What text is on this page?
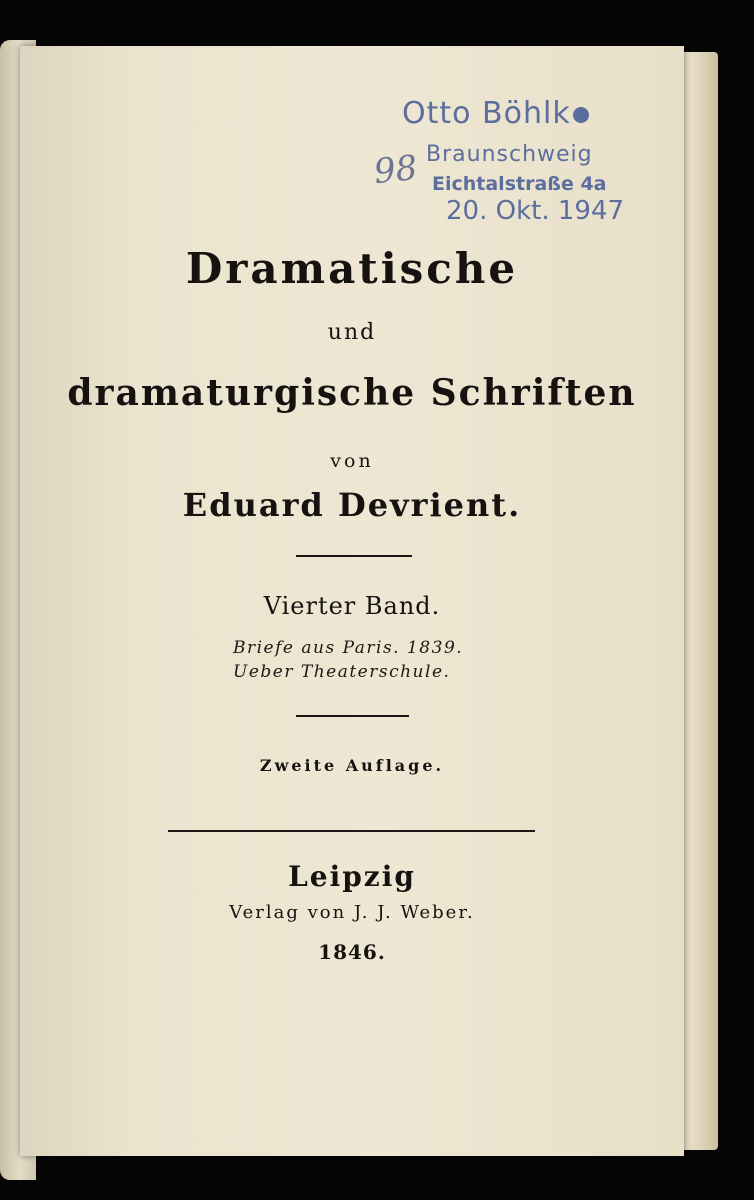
Otto Böhlk
Braunschweig
Eichtalstraße 4a
20. Okt. 1947
98
Dramatische
und
dramaturgische Schriften
von
Eduard Devrient.
Vierter Band.
Briefe aus Paris. 1839.
Ueber Theaterschule.
Zweite Auflage.
Leipzig
Verlag von J. J. Weber.
1846.
